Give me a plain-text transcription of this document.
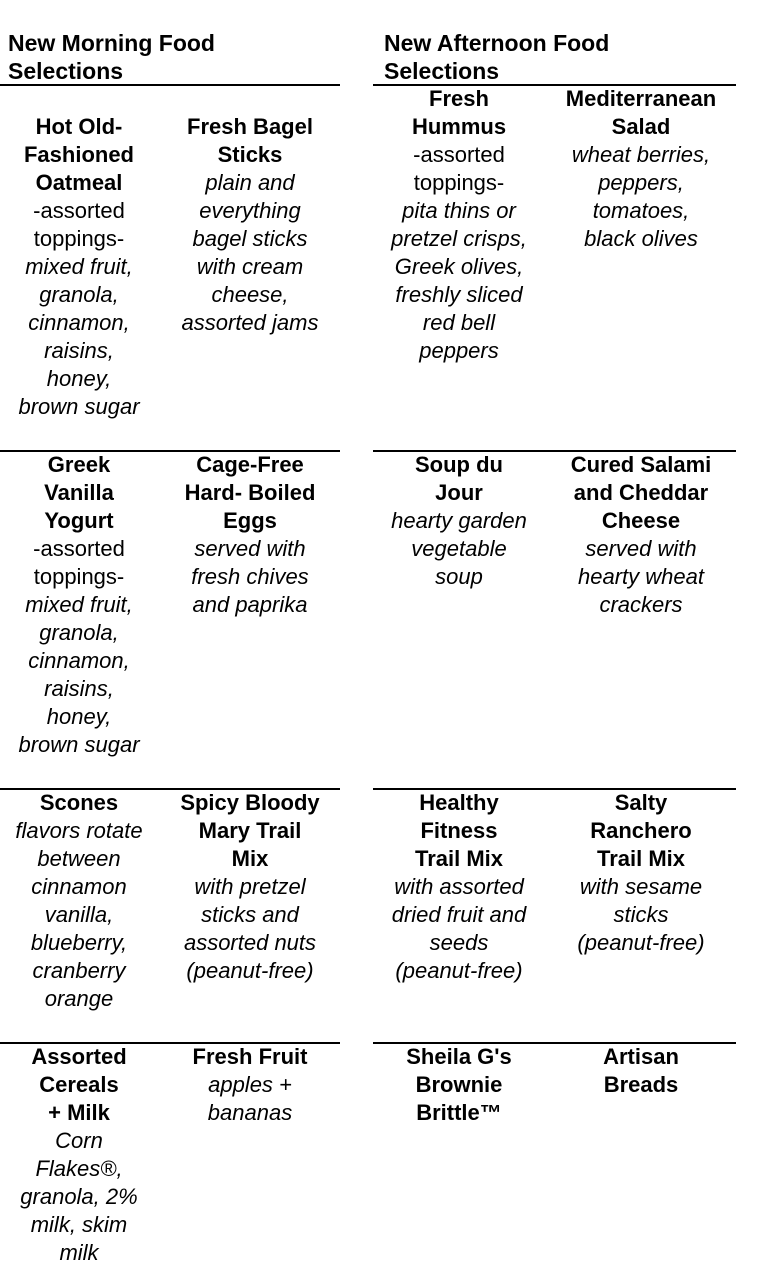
New Morning Food
Selections
New Afternoon Food
Selections
Hot Old-
Fashioned
Oatmeal
-assorted
toppings-
mixed fruit,
granola,
cinnamon,
raisins,
honey,
brown sugar
Fresh Bagel
Sticks
plain and
everything
bagel sticks
with cream
cheese,
assorted jams
Fresh
Hummus
-assorted
toppings-
pita thins or
pretzel crisps,
Greek olives,
freshly sliced
red bell
peppers
Mediterranean
Salad
wheat berries,
peppers,
tomatoes,
black olives
Greek
Vanilla
Yogurt
-assorted
toppings-
mixed fruit,
granola,
cinnamon,
raisins,
honey,
brown sugar
Cage-Free
Hard- Boiled
Eggs
served with
fresh chives
and paprika
Soup du
Jour
hearty garden
vegetable
soup
Cured Salami
and Cheddar
Cheese
served with
hearty wheat
crackers
Scones
flavors rotate
between
cinnamon
vanilla,
blueberry,
cranberry
orange
Spicy Bloody
Mary Trail
Mix
with pretzel
sticks and
assorted nuts
(peanut-free)
Healthy
Fitness
Trail Mix
with assorted
dried fruit and
seeds
(peanut-free)
Salty
Ranchero
Trail Mix
with sesame
sticks
(peanut-free)
Assorted
Cereals
+ Milk
Corn
Flakes®,
granola, 2%
milk, skim
milk
Fresh Fruit
apples +
bananas
Sheila G's
Brownie
Brittle™
Artisan
Breads
